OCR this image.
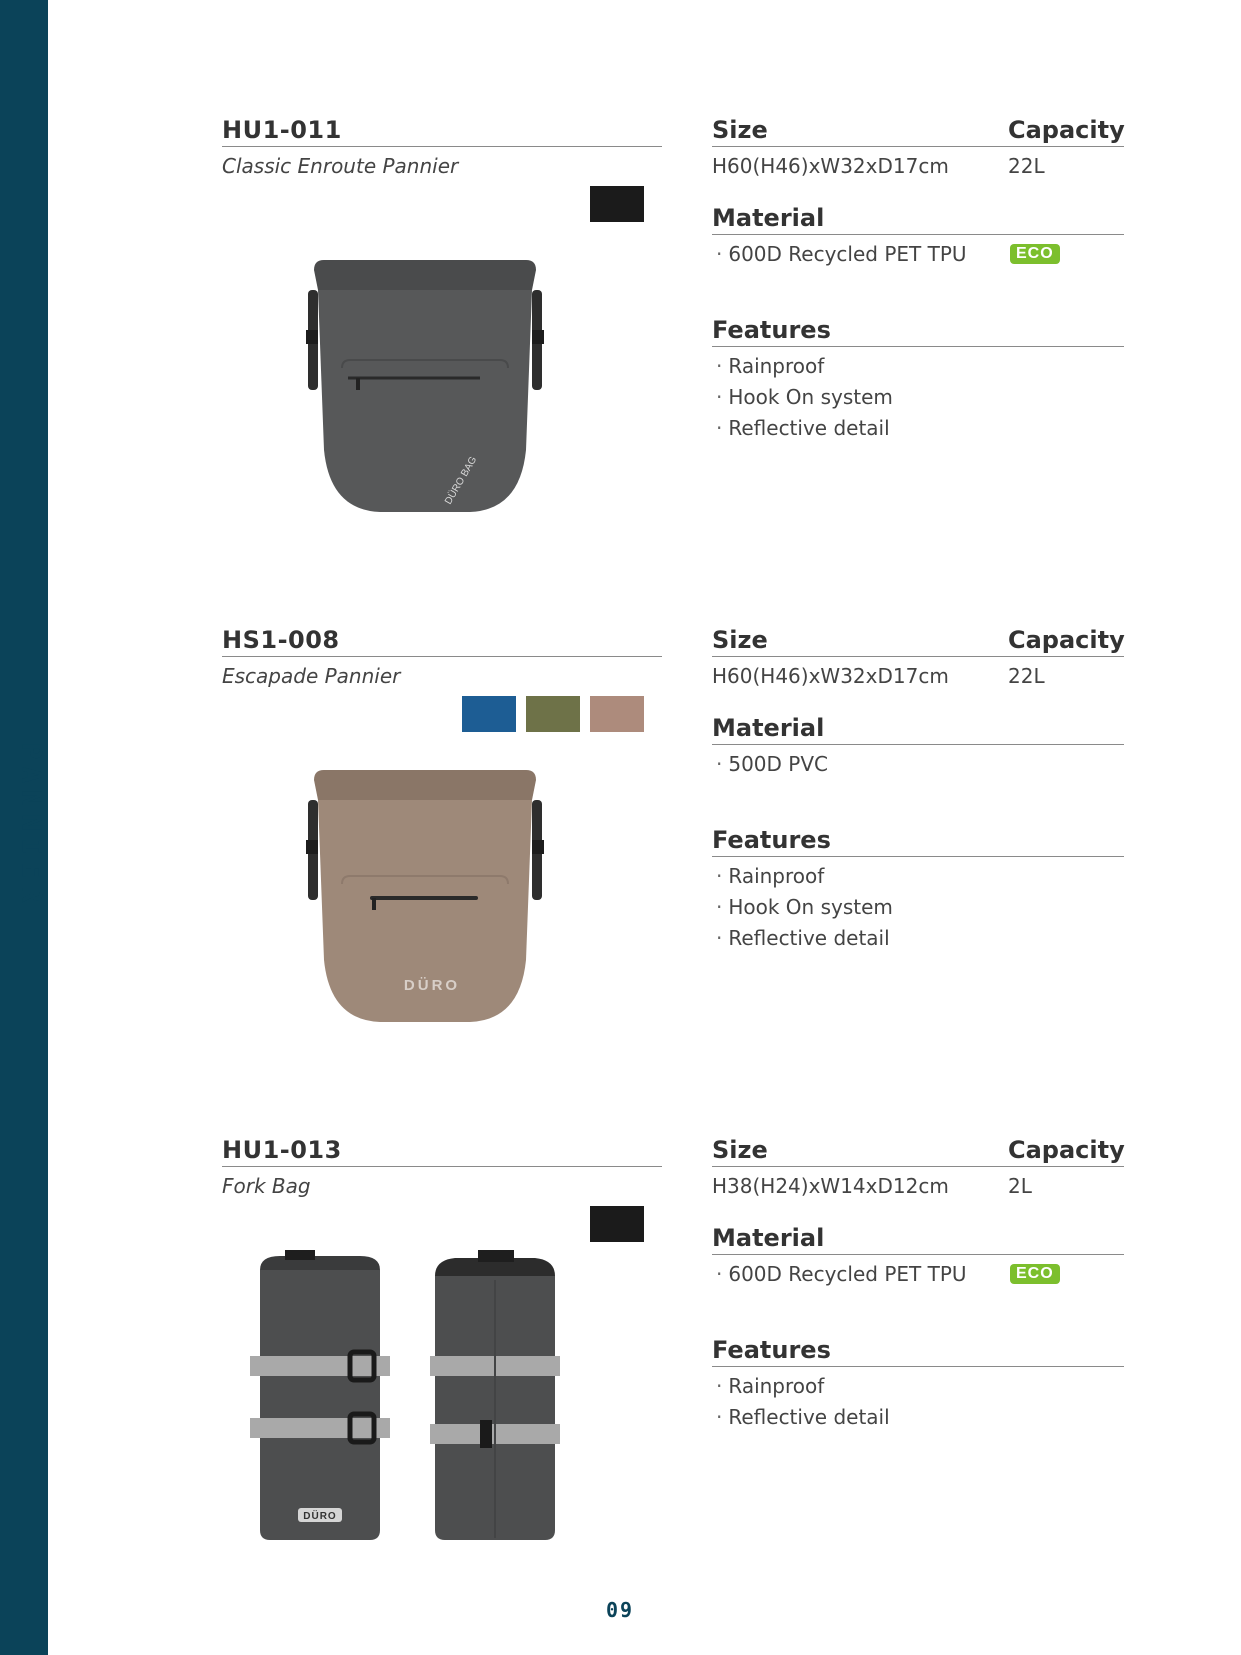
PANNIER
HU1-011
Classic Enroute Pannier
DÜRO BAG
Size	Capacity
H60(H46)xW32xD17cm	22L
Material
· 600D Recycled PET TPU	ECO
Features
· Rainproof
· Hook On system
· Reflective detail
HS1-008
Escapade Pannier
DÜRO
Size	Capacity
H60(H46)xW32xD17cm	22L
Material
· 500D PVC
Features
· Rainproof
· Hook On system
· Reflective detail
HU1-013
Fork Bag
DÜRO
Size	Capacity
H38(H24)xW14xD12cm	2L
Material
· 600D Recycled PET TPU	ECO
Features
· Rainproof
· Reflective detail
09
